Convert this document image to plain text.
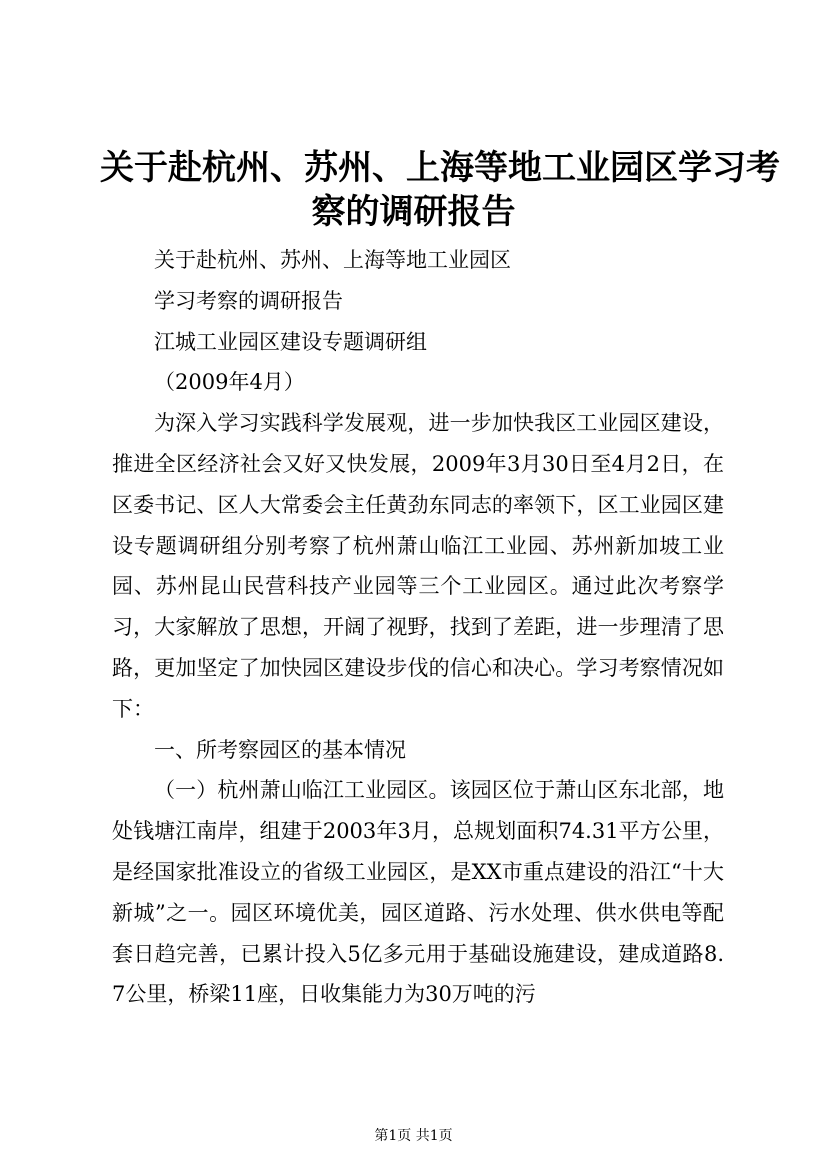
关于赴杭州、苏州、上海等地工业园区学习考
察的调研报告

关于赴杭州、苏州、上海等地工业园区

学习考察的调研报告

江城工业园区建设专题调研组

（2009年4月）

为深入学习实践科学发展观，进一步加快我区工业园区建设，推进全区经济社会又好又快发展，2009年3月30日至4月2日，在区委书记、区人大常委会主任黄劲东同志的率领下，区工业园区建设专题调研组分别考察了杭州萧山临江工业园、苏州新加坡工业园、苏州昆山民营科技产业园等三个工业园区。通过此次考察学习，大家解放了思想，开阔了视野，找到了差距，进一步理清了思路，更加坚定了加快园区建设步伐的信心和决心。学习考察情况如下：

一、所考察园区的基本情况

（一）杭州萧山临江工业园区。该园区位于萧山区东北部，地处钱塘江南岸，组建于2003年3月，总规划面积74.31平方公里，是经国家批准设立的省级工业园区，是XX市重点建设的沿江“十大新城”之一。园区环境优美，园区道路、污水处理、供水供电等配套日趋完善，已累计投入5亿多元用于基础设施建设，建成道路8.7公里，桥梁11座，日收集能力为30万吨的污

第1页 共1页
